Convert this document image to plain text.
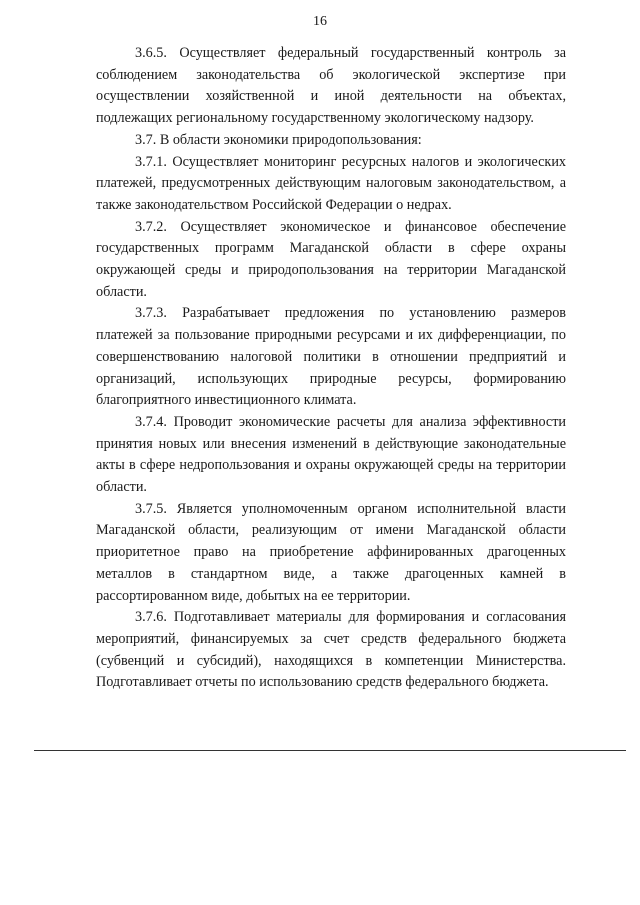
16

3.6.5. Осуществляет федеральный государственный контроль за соблюдением законодательства об экологической экспертизе при осуществлении хозяйственной и иной деятельности на объектах, подлежащих региональному государственному экологическому надзору.

3.7. В области экономики природопользования:

3.7.1. Осуществляет мониторинг ресурсных налогов и экологических платежей, предусмотренных действующим налоговым законодательством, а также законодательством Российской Федерации о недрах.

3.7.2. Осуществляет экономическое и финансовое обеспечение государственных программ Магаданской области в сфере охраны окружающей среды и природопользования на территории Магаданской области.

3.7.3. Разрабатывает предложения по установлению размеров платежей за пользование природными ресурсами и их дифференциации, по совершенствованию налоговой политики в отношении предприятий и организаций, использующих природные ресурсы, формированию благоприятного инвестиционного климата.

3.7.4. Проводит экономические расчеты для анализа эффективности принятия новых или внесения изменений в действующие законодательные акты в сфере недропользования и охраны окружающей среды на территории области.

3.7.5. Является уполномоченным органом исполнительной власти Магаданской области, реализующим от имени Магаданской области приоритетное право на приобретение аффинированных драгоценных металлов в стандартном виде, а также драгоценных камней в рассортированном виде, добытых на ее территории.

3.7.6. Подготавливает материалы для формирования и согласования мероприятий, финансируемых за счет средств федерального бюджета (субвенций и субсидий), находящихся в компетенции Министерства. Подготавливает отчеты по использованию средств федерального бюджета.
